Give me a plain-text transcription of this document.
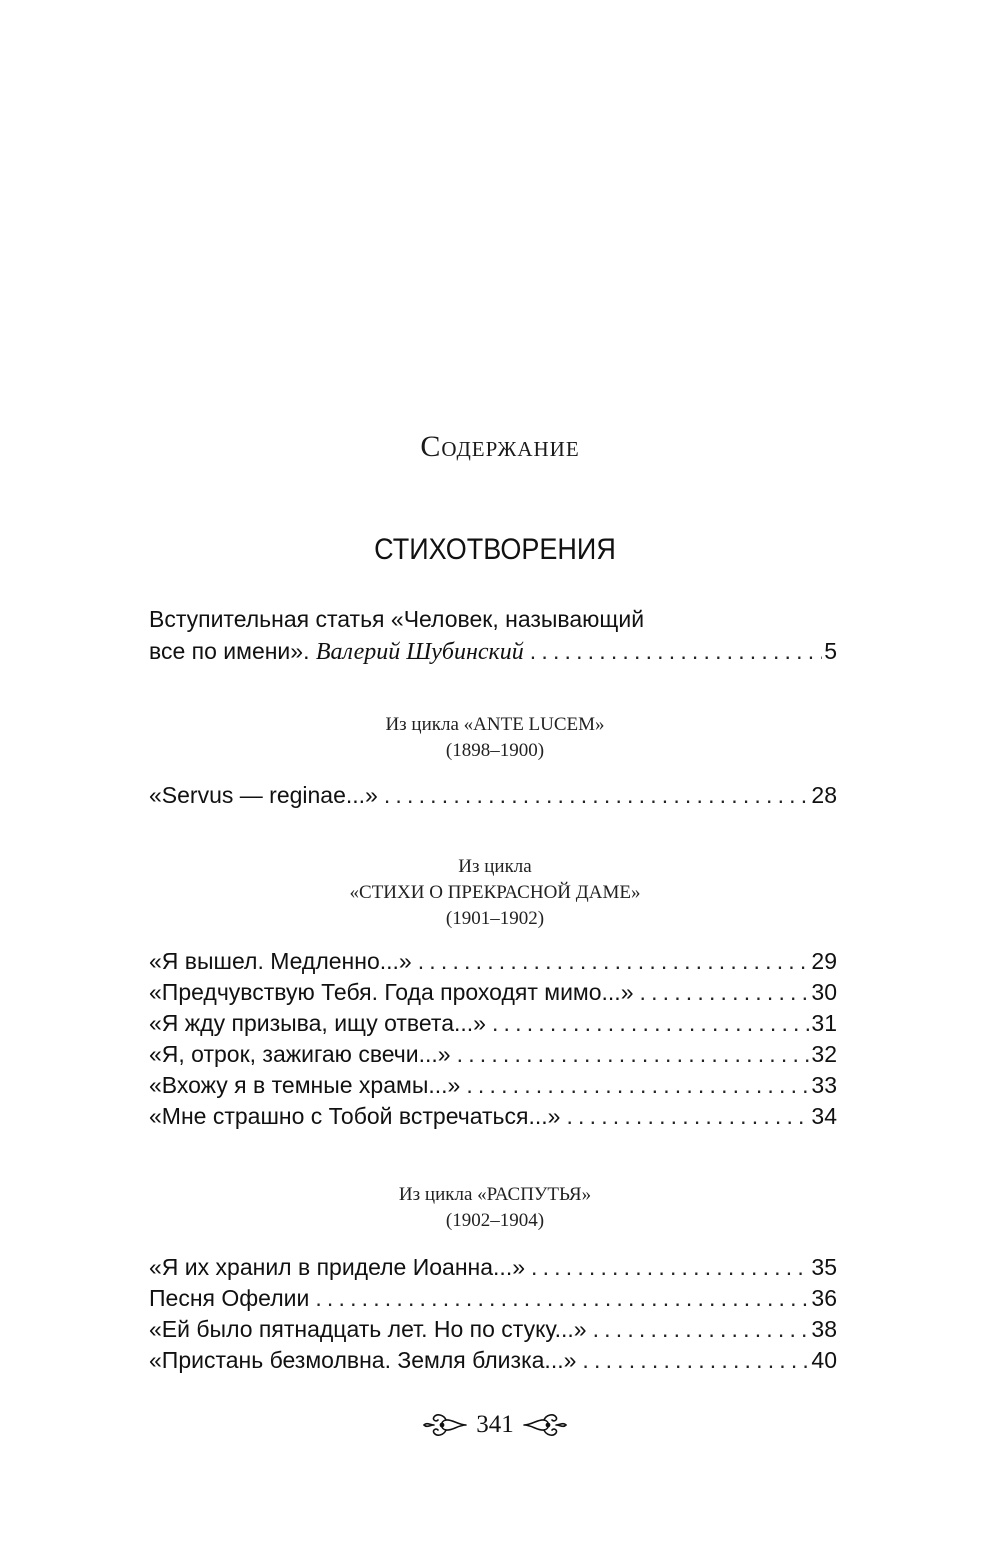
Содержание
СТИХОТВОРЕНИЯ
Вступительная статья «Человек, называющий
все по имени». Валерий Шубинский . . .	5
Из цикла «ANTE LUCEM»
(1898–1900)
«Servus — reginae...» . . .	28
Из цикла
«СТИХИ О ПРЕКРАСНОЙ ДАМЕ»
(1901–1902)
«Я вышел. Медленно...» . . .	29
«Предчувствую Тебя. Года проходят мимо...» . . .	30
«Я жду призыва, ищу ответа...» . . .	31
«Я, отрок, зажигаю свечи...» . . .	32
«Вхожу я в темные храмы...» . . .	33
«Мне страшно с Тобой встречаться...» . . .	34
Из цикла «РАСПУТЬЯ»
(1902–1904)
«Я их хранил в приделе Иоанна...» . . .	35
Песня Офелии . . .	36
«Ей было пятнадцать лет. Но по стуку...» . . .	38
«Пристань безмолвна. Земля близка...» . . .	40
341
